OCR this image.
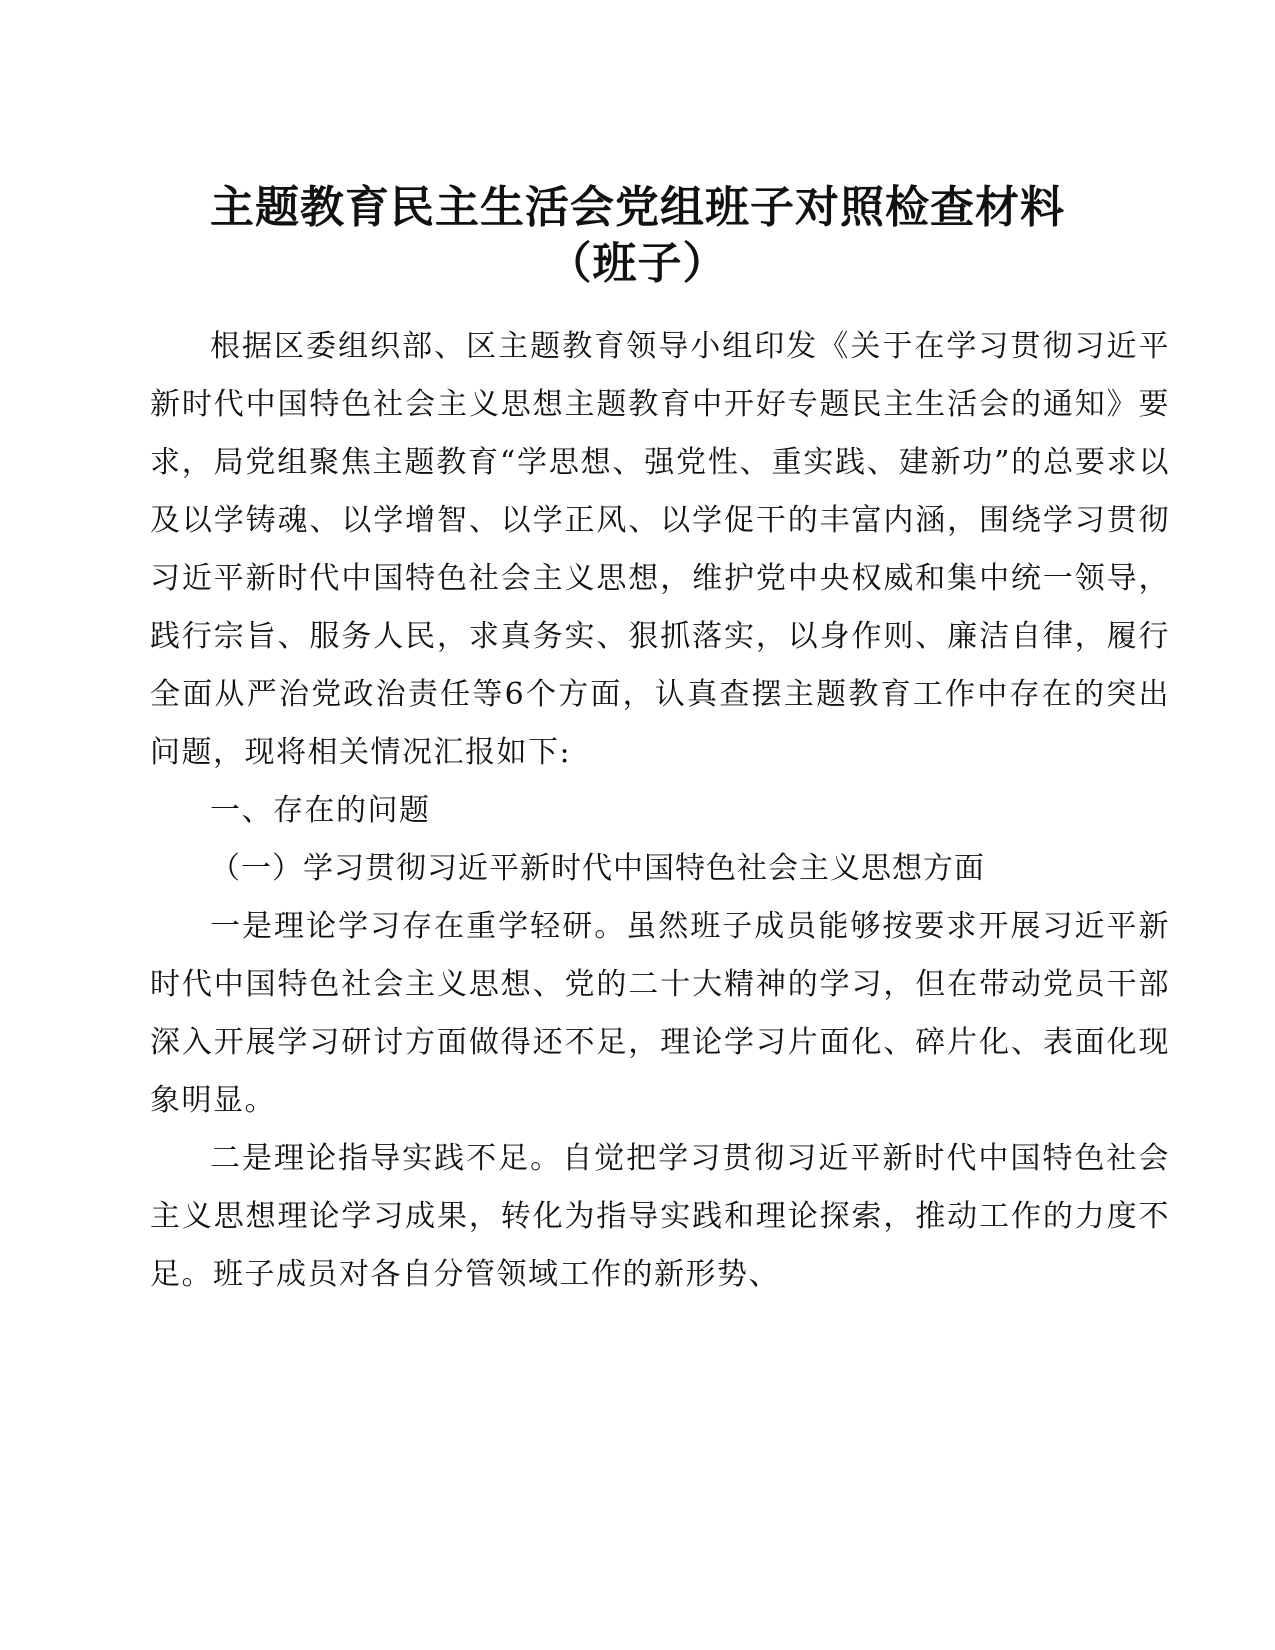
主题教育民主生活会党组班子对照检查材料
（班子）

根据区委组织部、区主题教育领导小组印发《关于在学习贯彻习近平新时代中国特色社会主义思想主题教育中开好专题民主生活会的通知》要求，局党组聚焦主题教育“学思想、强党性、重实践、建新功”的总要求以及以学铸魂、以学增智、以学正风、以学促干的丰富内涵，围绕学习贯彻习近平新时代中国特色社会主义思想，维护党中央权威和集中统一领导，践行宗旨、服务人民，求真务实、狠抓落实，以身作则、廉洁自律，履行全面从严治党政治责任等6个方面，认真查摆主题教育工作中存在的突出问题，现将相关情况汇报如下:

一、存在的问题

（一）学习贯彻习近平新时代中国特色社会主义思想方面

一是理论学习存在重学轻研。虽然班子成员能够按要求开展习近平新时代中国特色社会主义思想、党的二十大精神的学习，但在带动党员干部深入开展学习研讨方面做得还不足，理论学习片面化、碎片化、表面化现象明显。

二是理论指导实践不足。自觉把学习贯彻习近平新时代中国特色社会主义思想理论学习成果，转化为指导实践和理论探索，推动工作的力度不足。班子成员对各自分管领域工作的新形势、
